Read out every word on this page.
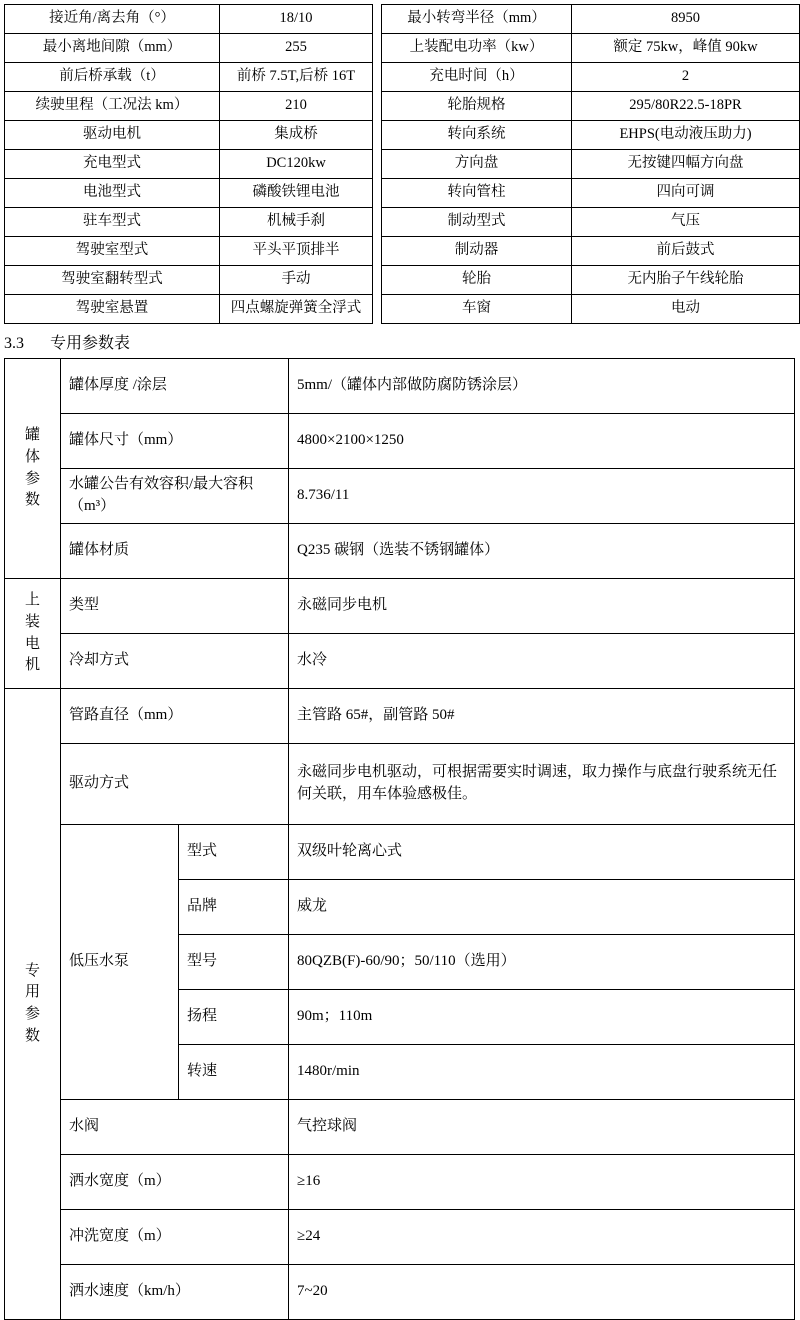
接近角/离去角（°）	18/10
最小离地间隙（mm）	255
前后桥承载（t）	前桥 7.5T,后桥 16T
续驶里程（工况法 km）	210
驱动电机	集成桥
充电型式	DC120kw
电池型式	磷酸铁锂电池
驻车型式	机械手刹
驾驶室型式	平头平顶排半
驾驶室翻转型式	手动
驾驶室悬置	四点螺旋弹簧全浮式
最小转弯半径（mm）	8950
上装配电功率（kw）	额定 75kw，峰值 90kw
充电时间（h）	2
轮胎规格	295/80R22.5-18PR
转向系统	EHPS(电动液压助力)
方向盘	无按键四幅方向盘
转向管柱	四向可调
制动型式	气压
制动器	前后鼓式
轮胎	无内胎子午线轮胎
车窗	电动
3.3 专用参数表
罐 体
参数	罐体厚度 /涂层		5mm/（罐体内部做防腐防锈涂层）
	罐体尺寸（mm）		4800×2100×1250
	水罐公告有效容积/最大容积（m³）		8.736/11
	罐体材质		Q235 碳钢（选装不锈钢罐体）

上装
电机	类型		永磁同步电机
	冷却方式		水冷

专用
参数	管路直径（mm）		主管路 65#，副管路 50#
	驱动方式		永磁同步电机驱动，可根据需要实时调速，取力操作与底盘行驶系统无任何关联，用车体验感极佳。
	低压水泵	型式	双级叶轮离心式
		品牌	威龙
		型号	80QZB(F)-60/90；50/110（选用）
		扬程	90m；110m
		转速	1480r/min
	水阀		气控球阀
	洒水宽度（m）		≥16
	冲洗宽度（m）		≥24
	洒水速度（km/h）		7~20
